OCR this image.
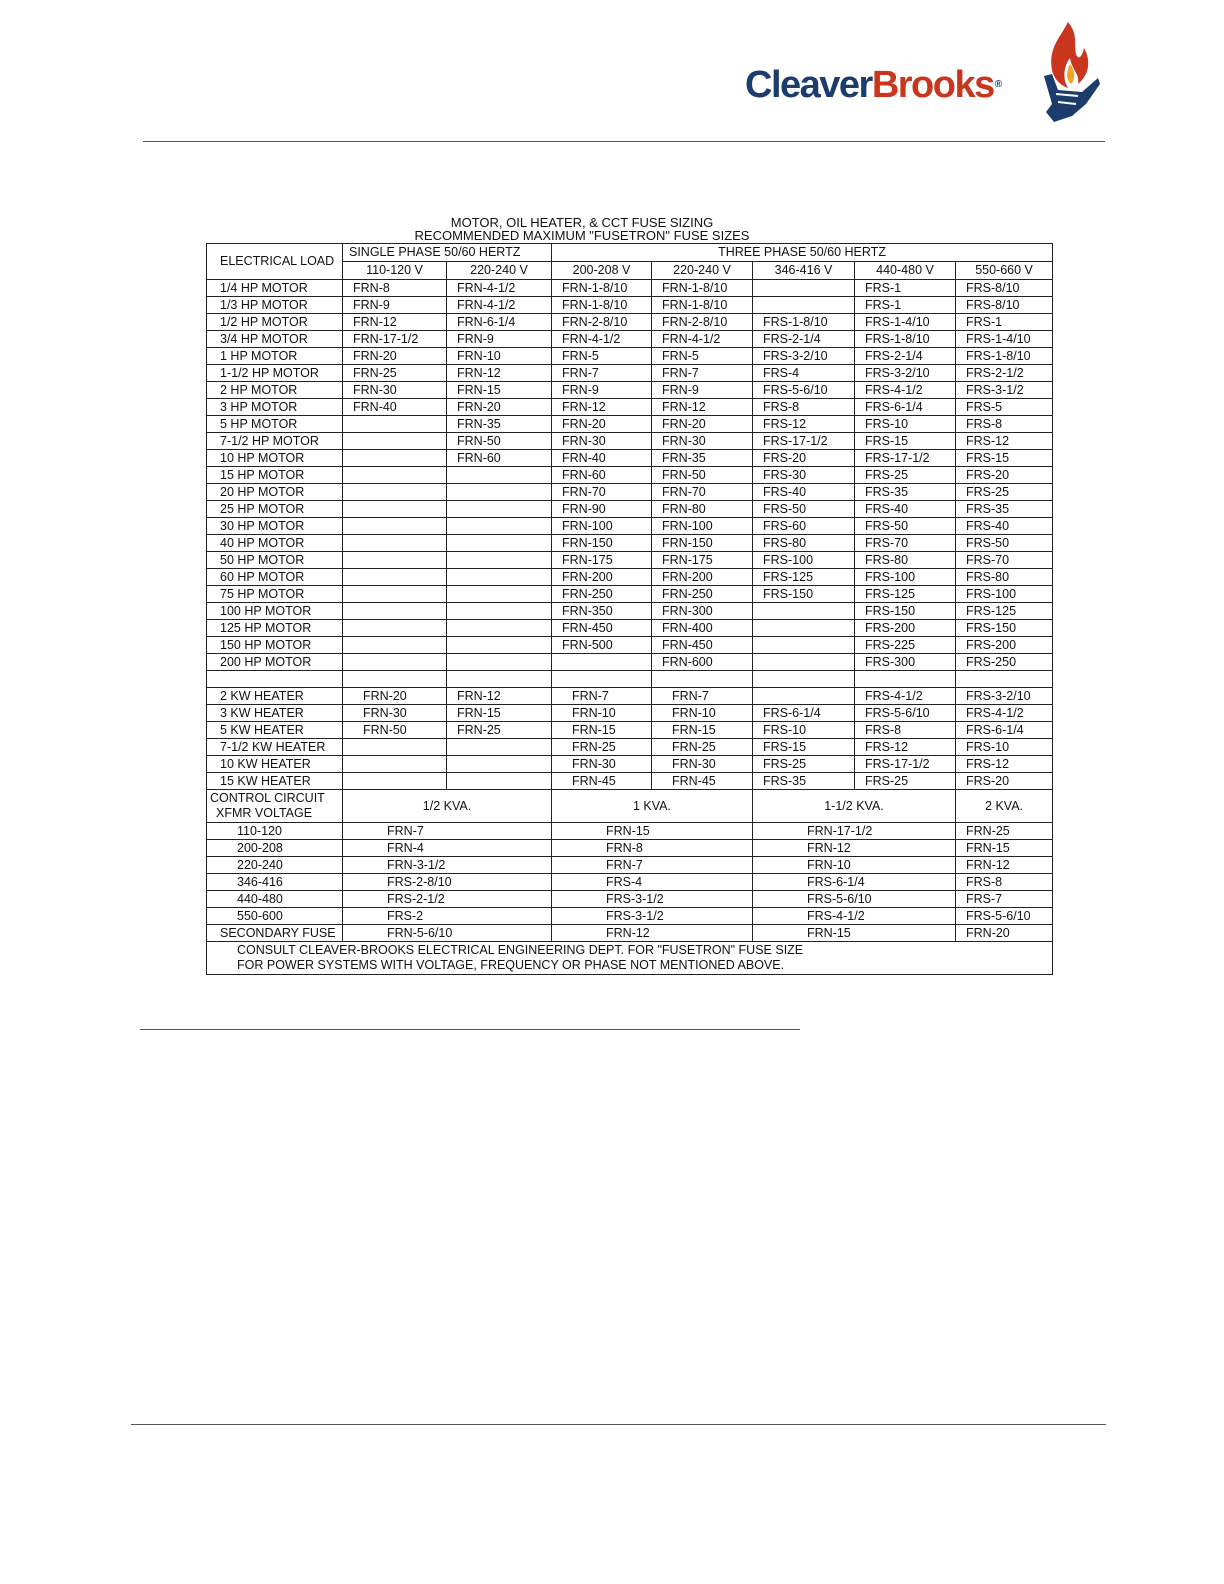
CleaverBrooks®
MOTOR, OIL HEATER, & CCT FUSE SIZING
RECOMMENDED MAXIMUM "FUSETRON" FUSE SIZES
ELECTRICAL LOAD	SINGLE PHASE 50/60 HERTZ		THREE PHASE 50/60 HERTZ				
	110-120 V	220-240 V	200-208 V	220-240 V	346-416 V	440-480 V	550-660 V
1/4 HP MOTOR	FRN-8	FRN-4-1/2	FRN-1-8/10	FRN-1-8/10		FRS-1	FRS-8/10
1/3 HP MOTOR	FRN-9	FRN-4-1/2	FRN-1-8/10	FRN-1-8/10		FRS-1	FRS-8/10
1/2 HP MOTOR	FRN-12	FRN-6-1/4	FRN-2-8/10	FRN-2-8/10	FRS-1-8/10	FRS-1-4/10	FRS-1
3/4 HP MOTOR	FRN-17-1/2	FRN-9	FRN-4-1/2	FRN-4-1/2	FRS-2-1/4	FRS-1-8/10	FRS-1-4/10
1 HP MOTOR	FRN-20	FRN-10	FRN-5	FRN-5	FRS-3-2/10	FRS-2-1/4	FRS-1-8/10
1-1/2 HP MOTOR	FRN-25	FRN-12	FRN-7	FRN-7	FRS-4	FRS-3-2/10	FRS-2-1/2
2 HP MOTOR	FRN-30	FRN-15	FRN-9	FRN-9	FRS-5-6/10	FRS-4-1/2	FRS-3-1/2
3 HP MOTOR	FRN-40	FRN-20	FRN-12	FRN-12	FRS-8	FRS-6-1/4	FRS-5
5 HP MOTOR		FRN-35	FRN-20	FRN-20	FRS-12	FRS-10	FRS-8
7-1/2 HP MOTOR		FRN-50	FRN-30	FRN-30	FRS-17-1/2	FRS-15	FRS-12
10 HP MOTOR		FRN-60	FRN-40	FRN-35	FRS-20	FRS-17-1/2	FRS-15
15 HP MOTOR			FRN-60	FRN-50	FRS-30	FRS-25	FRS-20
20 HP MOTOR			FRN-70	FRN-70	FRS-40	FRS-35	FRS-25
25 HP MOTOR			FRN-90	FRN-80	FRS-50	FRS-40	FRS-35
30 HP MOTOR			FRN-100	FRN-100	FRS-60	FRS-50	FRS-40
40 HP MOTOR			FRN-150	FRN-150	FRS-80	FRS-70	FRS-50
50 HP MOTOR			FRN-175	FRN-175	FRS-100	FRS-80	FRS-70
60 HP MOTOR			FRN-200	FRN-200	FRS-125	FRS-100	FRS-80
75 HP MOTOR			FRN-250	FRN-250	FRS-150	FRS-125	FRS-100
100 HP MOTOR			FRN-350	FRN-300		FRS-150	FRS-125
125 HP MOTOR			FRN-450	FRN-400		FRS-200	FRS-150
150 HP MOTOR			FRN-500	FRN-450		FRS-225	FRS-200
200 HP MOTOR				FRN-600		FRS-300	FRS-250

2 KW HEATER	FRN-20	FRN-12	FRN-7	FRN-7		FRS-4-1/2	FRS-3-2/10
3 KW HEATER	FRN-30	FRN-15	FRN-10	FRN-10	FRS-6-1/4	FRS-5-6/10	FRS-4-1/2
5 KW HEATER	FRN-50	FRN-25	FRN-15	FRN-15	FRS-10	FRS-8	FRS-6-1/4
7-1/2 KW HEATER			FRN-25	FRN-25	FRS-15	FRS-12	FRS-10
10 KW HEATER			FRN-30	FRN-30	FRS-25	FRS-17-1/2	FRS-12
15 KW HEATER			FRN-45	FRN-45	FRS-35	FRS-25	FRS-20

CONTROL CIRCUIT
XFMR VOLTAGE	1/2 KVA.		1 KVA.		1-1/2 KVA.		2 KVA.
110-120	FRN-7		FRN-15		FRN-17-1/2		FRN-25
200-208	FRN-4		FRN-8		FRN-12		FRN-15
220-240	FRN-3-1/2		FRN-7		FRN-10		FRN-12
346-416	FRS-2-8/10		FRS-4		FRS-6-1/4		FRS-8
440-480	FRS-2-1/2		FRS-3-1/2		FRS-5-6/10		FRS-7
550-600	FRS-2		FRS-3-1/2		FRS-4-1/2		FRS-5-6/10
SECONDARY FUSE	FRN-5-6/10		FRN-12		FRN-15		FRN-20

CONSULT CLEAVER-BROOKS ELECTRICAL ENGINEERING DEPT. FOR "FUSETRON" FUSE SIZE
FOR POWER SYSTEMS WITH VOLTAGE, FREQUENCY OR PHASE NOT MENTIONED ABOVE.							
